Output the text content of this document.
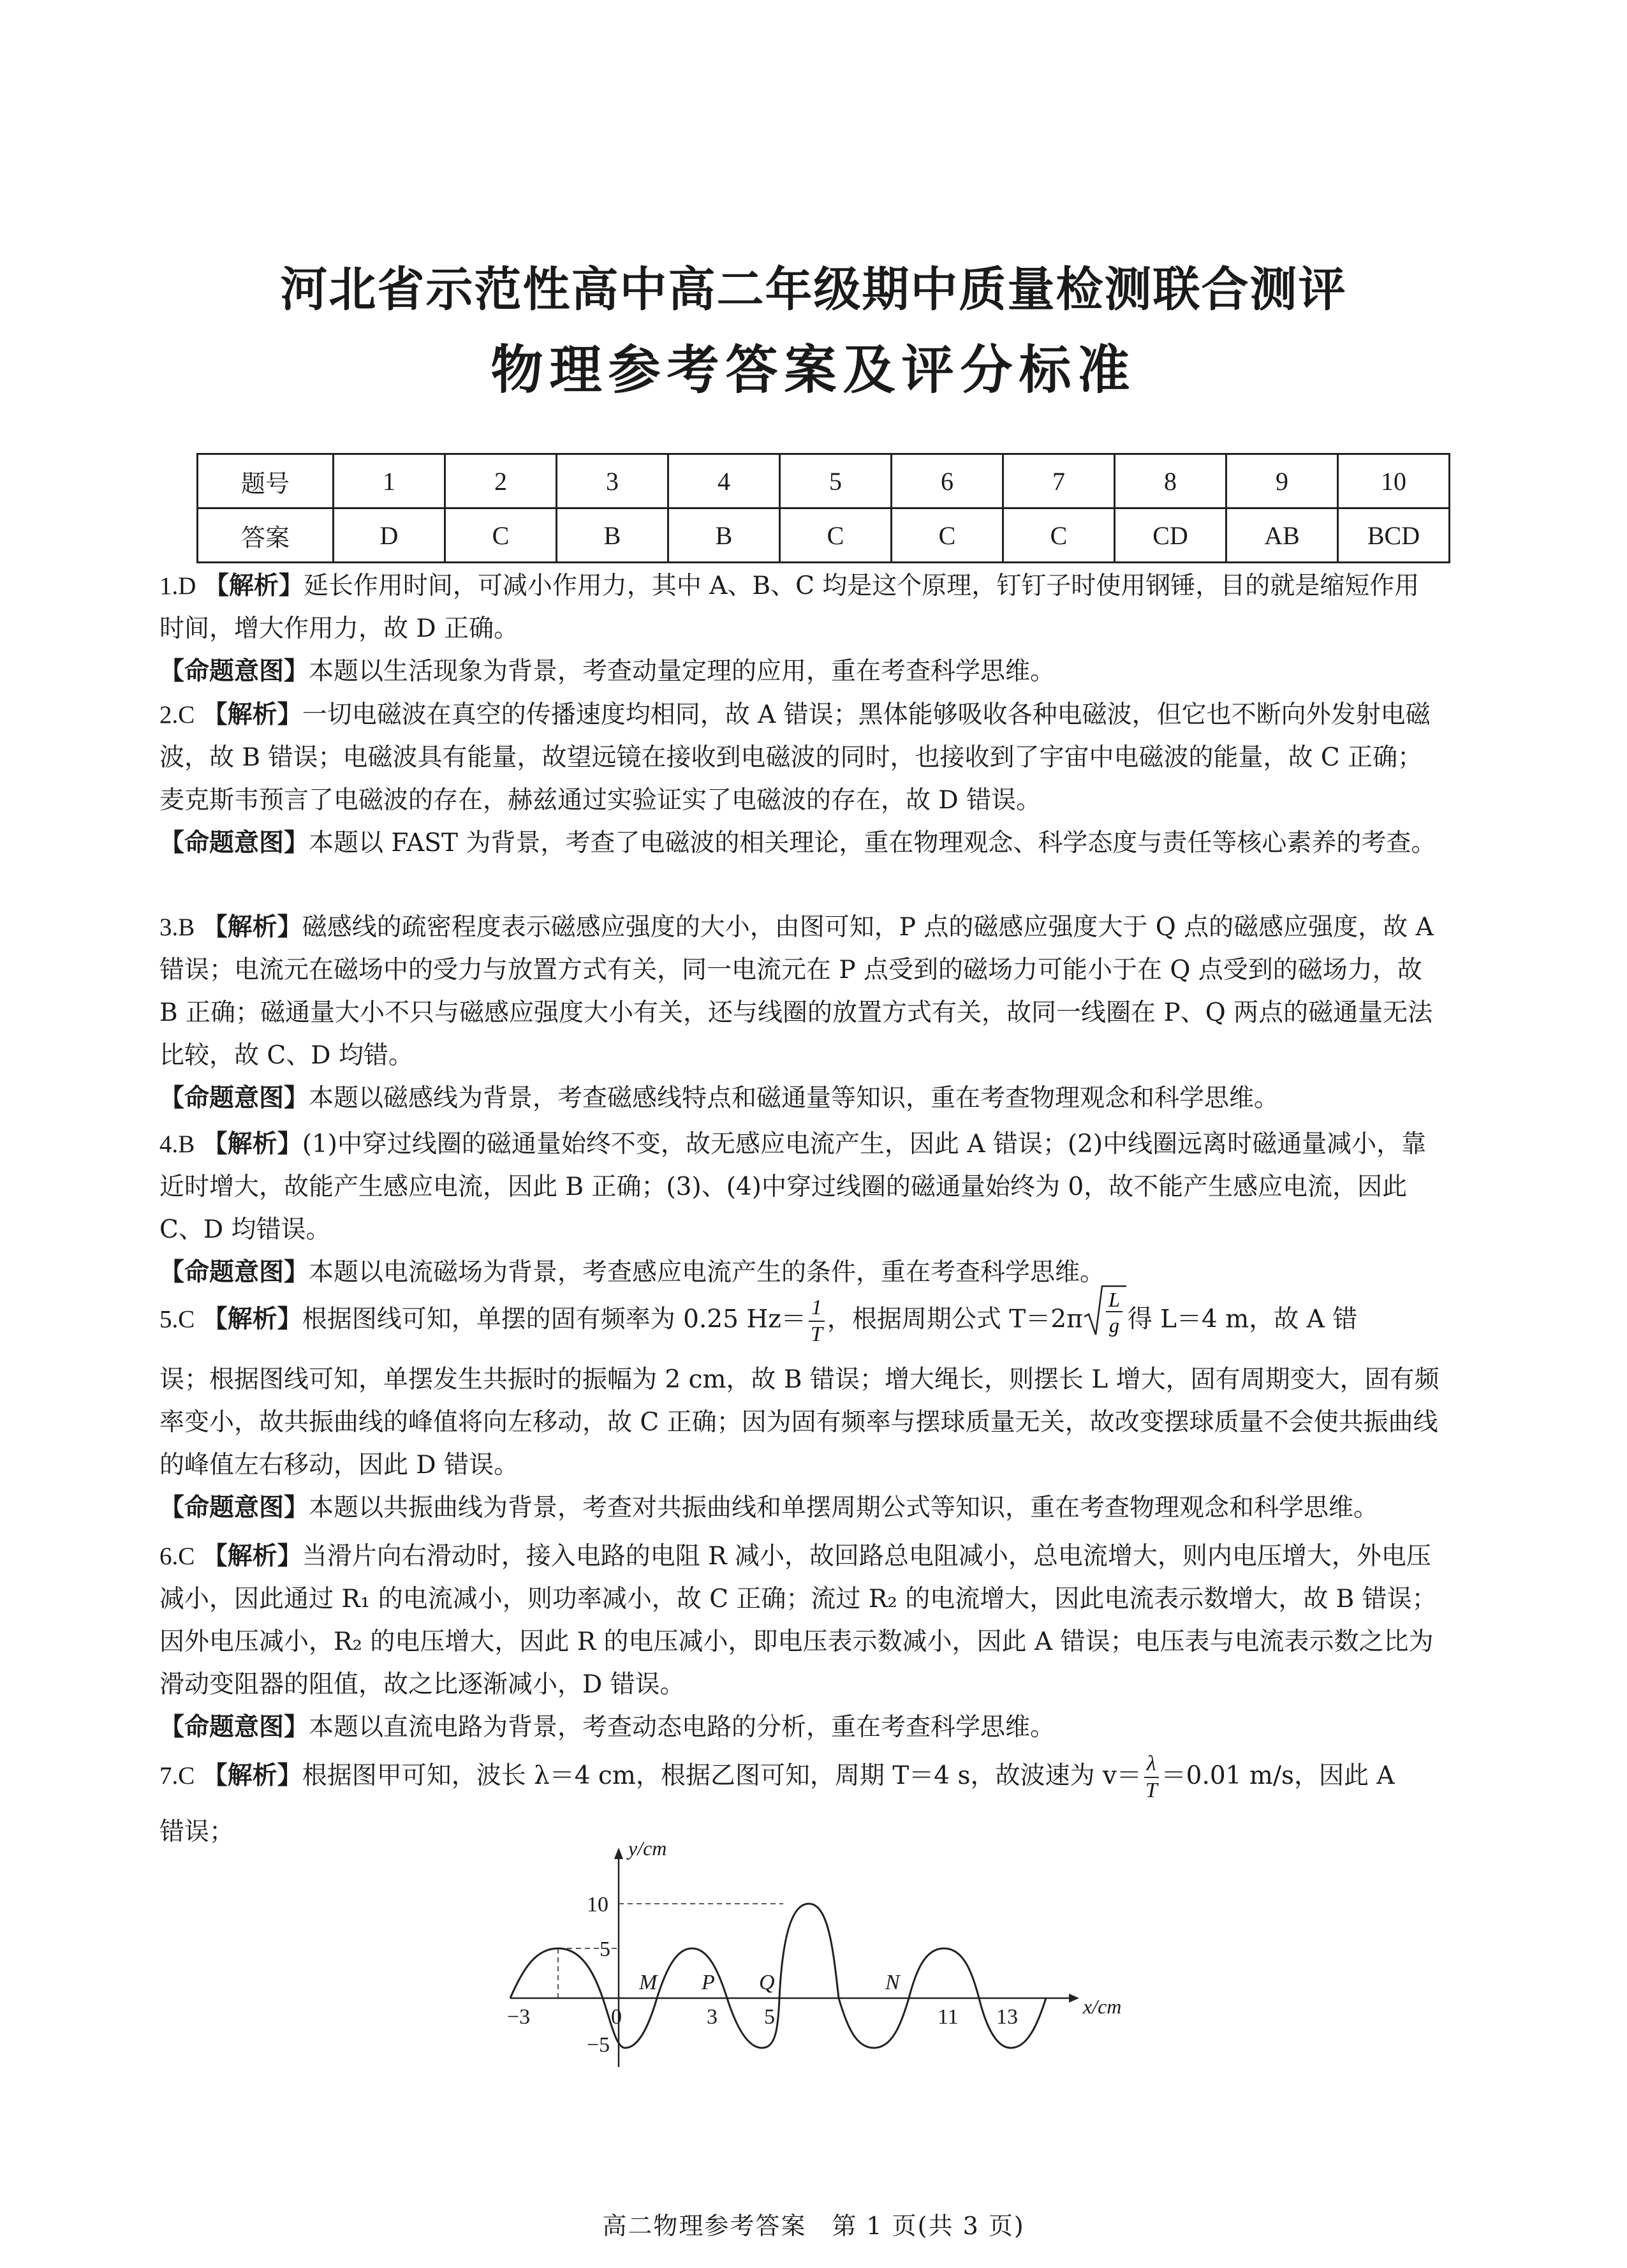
河北省示范性高中高二年级期中质量检测联合测评
物理参考答案及评分标准
题号	1	2	3	4	5	6	7	8	9	10
答案	D	C	B	B	C	C	C	CD	AB	BCD
1.D 【解析】延长作用时间，可减小作用力，其中 A、B、C 均是这个原理，钉钉子时使用钢锤，目的就是缩短作用时间，增大作用力，故 D 正确。
【命题意图】本题以生活现象为背景，考查动量定理的应用，重在考查科学思维。
2.C 【解析】一切电磁波在真空的传播速度均相同，故 A 错误；黑体能够吸收各种电磁波，但它也不断向外发射电磁波，故 B 错误；电磁波具有能量，故望远镜在接收到电磁波的同时，也接收到了宇宙中电磁波的能量，故 C 正确；麦克斯韦预言了电磁波的存在，赫兹通过实验证实了电磁波的存在，故 D 错误。
【命题意图】本题以 FAST 为背景，考查了电磁波的相关理论，重在物理观念、科学态度与责任等核心素养的考查。
3.B 【解析】磁感线的疏密程度表示磁感应强度的大小，由图可知，P 点的磁感应强度大于 Q 点的磁感应强度，故 A 错误；电流元在磁场中的受力与放置方式有关，同一电流元在 P 点受到的磁场力可能小于在 Q 点受到的磁场力，故 B 正确；磁通量大小不只与磁感应强度大小有关，还与线圈的放置方式有关，故同一线圈在 P、Q 两点的磁通量无法比较，故 C、D 均错。
【命题意图】本题以磁感线为背景，考查磁感线特点和磁通量等知识，重在考查物理观念和科学思维。
4.B 【解析】(1)中穿过线圈的磁通量始终不变，故无感应电流产生，因此 A 错误；(2)中线圈远离时磁通量减小，靠近时增大，故能产生感应电流，因此 B 正确；(3)、(4)中穿过线圈的磁通量始终为 0，故不能产生感应电流，因此 C、D 均错误。
【命题意图】本题以电流磁场为背景，考查感应电流产生的条件，重在考查科学思维。
5.C 【解析】根据图线可知，单摆的固有频率为 0.25 $Hz= \frac{1}{T}$ ，根据周期公式 T＝2π
L
g 得 L＝4 m，故 A 错
误；根据图线可知，单摆发生共振时的振幅为 2 cm，故 B 错误；增大绳长，则摆长 L 增大，固有周期变大，固有频率变小，故共振曲线的峰值将向左移动，故 C 正确；因为固有频率与摆球质量无关，故改变摆球质量不会使共振曲线的峰值左右移动，因此 D 错误。
【命题意图】本题以共振曲线为背景，考查对共振曲线和单摆周期公式等知识，重在考查物理观念和科学思维。
6.C 【解析】当滑片向右滑动时，接入电路的电阻 R 减小，故回路总电阻减小，总电流增大，则内电压增大，外电压减小，因此通过 R₁ 的电流减小，则功率减小，故 C 正确；流过 R₂ 的电流增大，因此电流表示数增大，故 B 错误；因外电压减小，R₂ 的电压增大，因此 R 的电压减小，即电压表示数减小，因此 A 错误；电压表与电流表示数之比为滑动变阻器的阻值，故之比逐渐减小，D 错误。
【命题意图】本题以直流电路为背景，考查动态电路的分析，重在考查科学思维。
7.C 【解析】根据图甲可知，波长 λ＝4 cm，根据乙图可知，周期 T＝4 s，故波速为 $v= \frac{\lambda}{T} =0.01$ m/s，因此 A
错误；
y/cm
x/cm
10
5
−5
−3	0	3 5	11 13
M P Q	N
高二物理参考答案　第 1 页(共 3 页)
